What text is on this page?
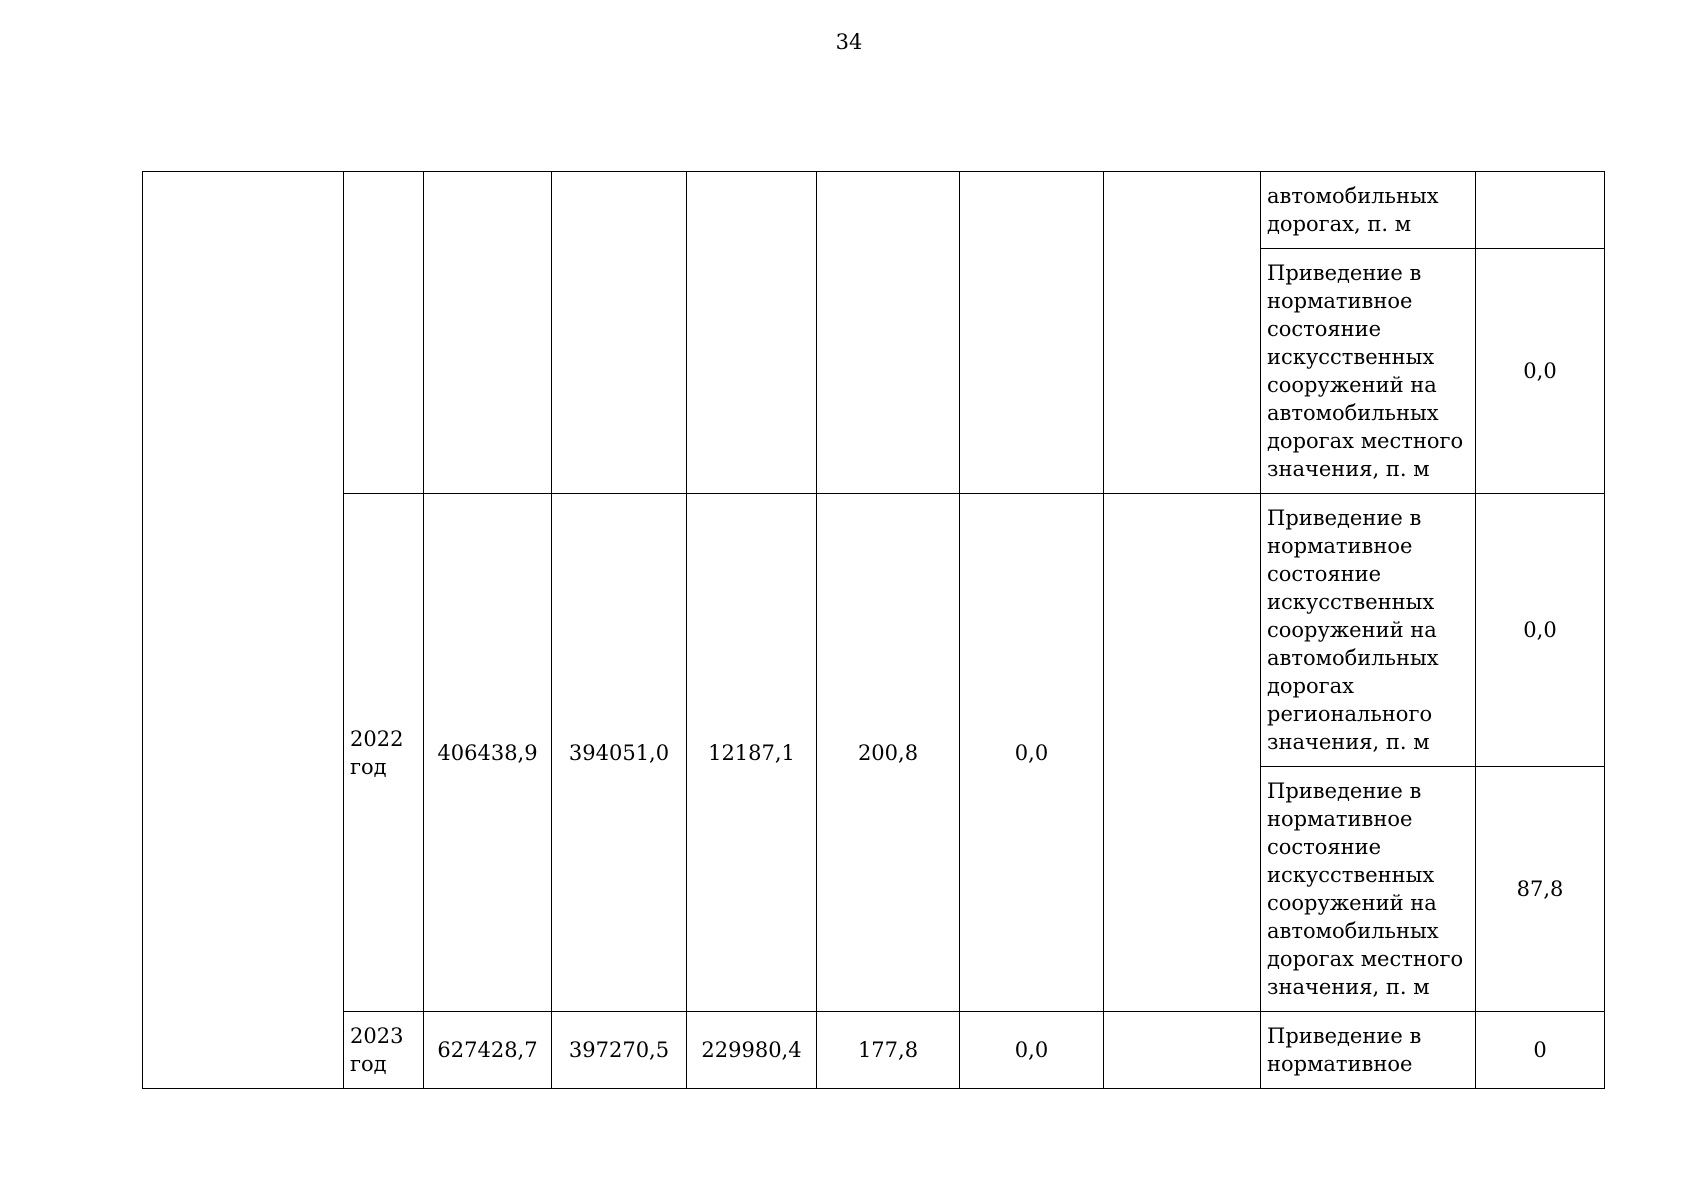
34
								автомобильных дорогах, п. м	
								Приведение в нормативное состояние искусственных сооружений на автомобильных дорогах местного значения, п. м	0,0
	2022 год	406438,9	394051,0	12187,1	200,8	0,0		Приведение в нормативное состояние искусственных сооружений на автомобильных дорогах регионального значения, п. м	0,0
								Приведение в нормативное состояние искусственных сооружений на автомобильных дорогах местного значения, п. м	87,8
	2023 год	627428,7	397270,5	229980,4	177,8	0,0		Приведение в нормативное	0
